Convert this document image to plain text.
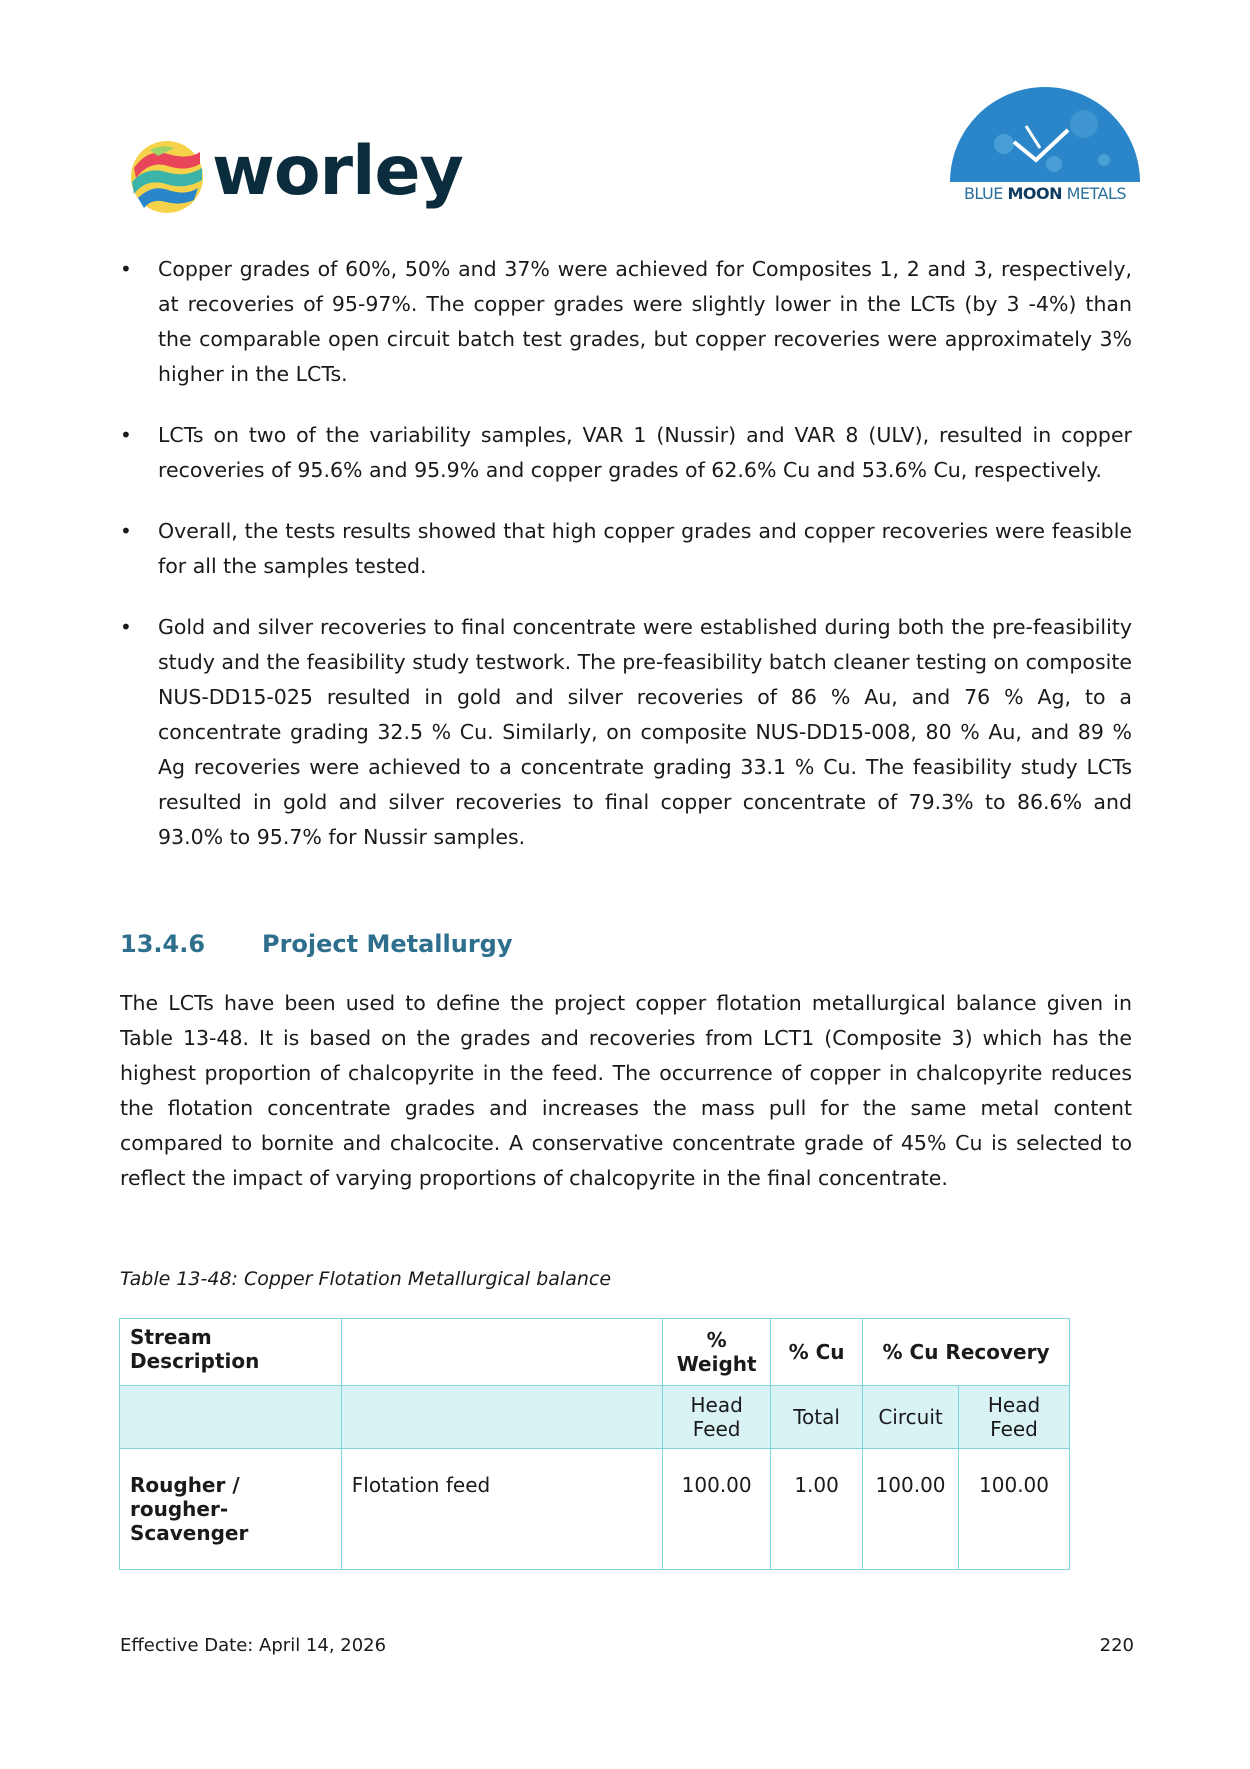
worley	BLUE MOON METALS
• Copper grades of 60%, 50% and 37% were achieved for Composites 1, 2 and 3, respectively, at recoveries of 95-97%. The copper grades were slightly lower in the LCTs (by 3 -4%) than the comparable open circuit batch test grades, but copper recoveries were approximately 3% higher in the LCTs.
• LCTs on two of the variability samples, VAR 1 (Nussir) and VAR 8 (ULV), resulted in copper recoveries of 95.6% and 95.9% and copper grades of 62.6% Cu and 53.6% Cu, respectively.
• Overall, the tests results showed that high copper grades and copper recoveries were feasible for all the samples tested.
• Gold and silver recoveries to final concentrate were established during both the pre-feasibility study and the feasibility study testwork. The pre-feasibility batch cleaner testing on composite NUS-DD15-025 resulted in gold and silver recoveries of 86 % Au, and 76 % Ag, to a concentrate grading 32.5 % Cu. Similarly, on composite NUS-DD15-008, 80 % Au, and 89 % Ag recoveries were achieved to a concentrate grading 33.1 % Cu. The feasibility study LCTs resulted in gold and silver recoveries to final copper concentrate of 79.3% to 86.6% and 93.0% to 95.7% for Nussir samples.
13.4.6 Project Metallurgy

The LCTs have been used to define the project copper flotation metallurgical balance given in Table 13-48. It is based on the grades and recoveries from LCT1 (Composite 3) which has the highest proportion of chalcopyrite in the feed. The occurrence of copper in chalcopyrite reduces the flotation concentrate grades and increases the mass pull for the same metal content compared to bornite and chalcocite. A conservative concentrate grade of 45% Cu is selected to reflect the impact of varying proportions of chalcopyrite in the final concentrate.

Table 13-48: Copper Flotation Metallurgical balance
Stream Description		% Weight	% Cu	% Cu Recovery	
		Head Feed	Total	Circuit	Head Feed
Rougher / rougher-Scavenger	Flotation feed	100.00	1.00	100.00	100.00
Effective Date: April 14, 2026	220
